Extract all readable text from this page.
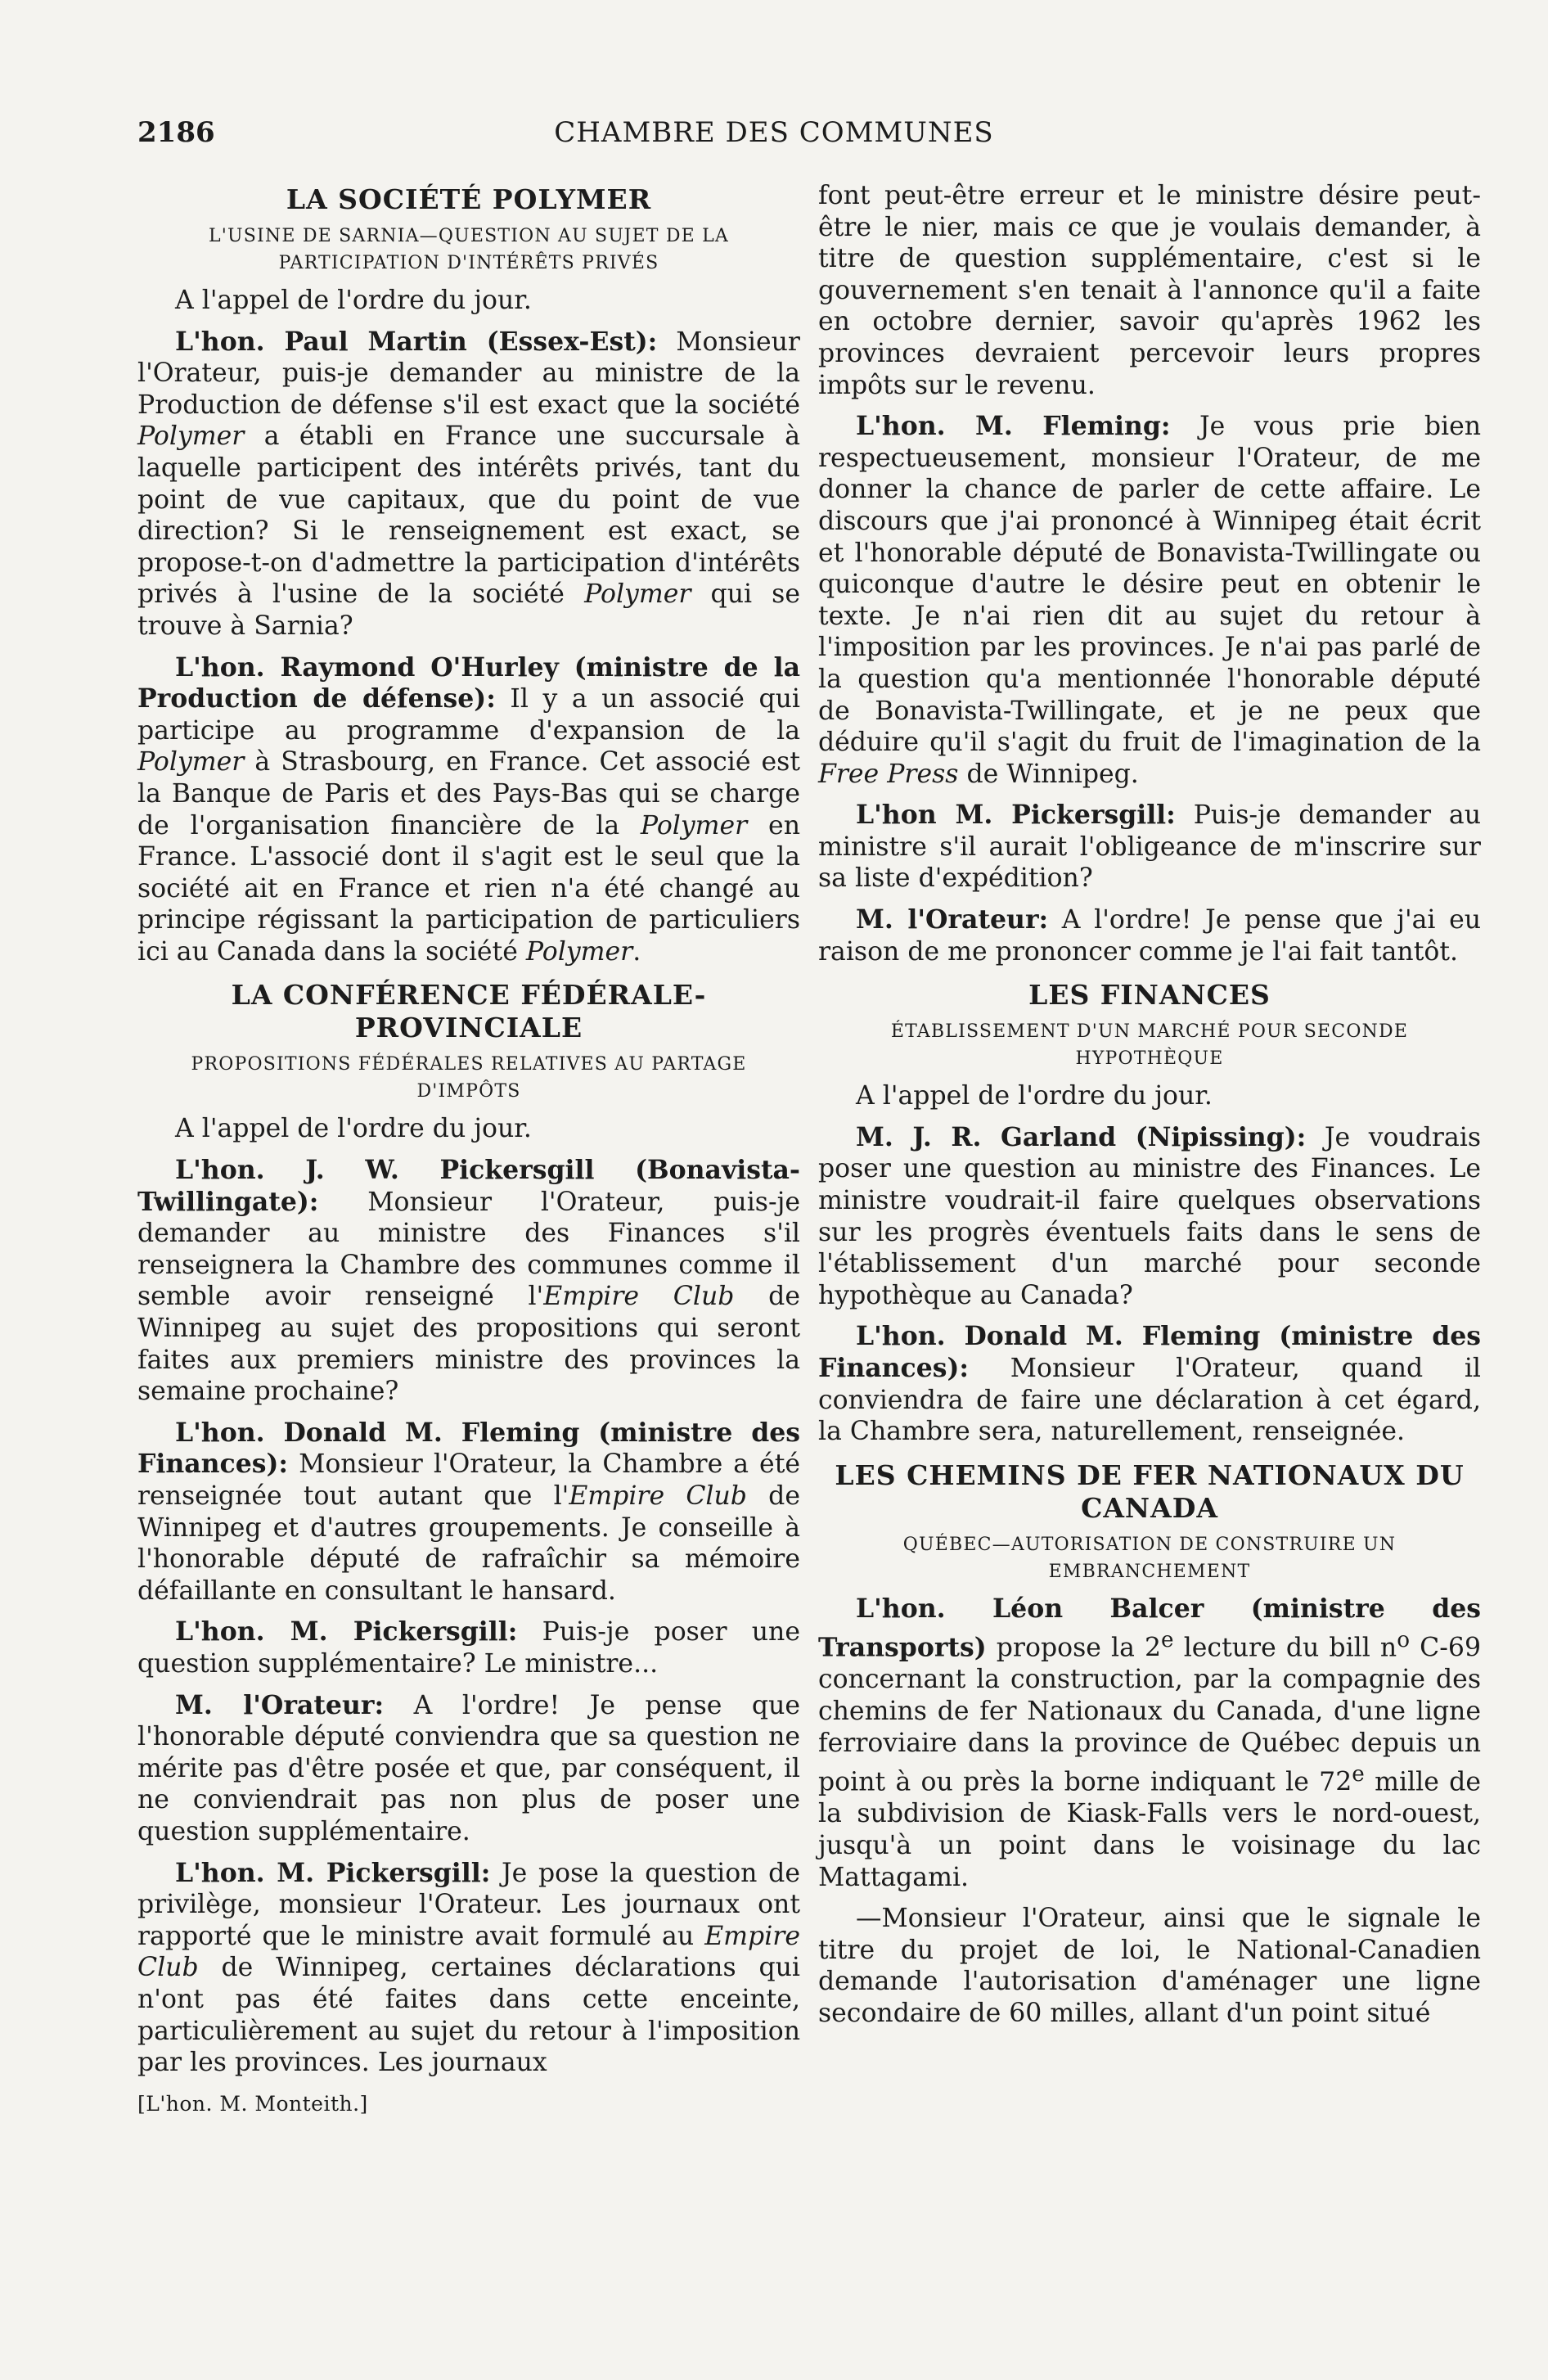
2186	CHAMBRE DES COMMUNES
LA SOCIÉTÉ POLYMER
L'USINE DE SARNIA—QUESTION AU SUJET DE LA PARTICIPATION D'INTÉRÊTS PRIVÉS

A l'appel de l'ordre du jour.

L'hon. Paul Martin (Essex-Est): Monsieur l'Orateur, puis-je demander au ministre de la Production de défense s'il est exact que la société Polymer a établi en France une succursale à laquelle participent des intérêts privés, tant du point de vue capitaux, que du point de vue direction? Si le renseignement est exact, se propose-t-on d'admettre la participation d'intérêts privés à l'usine de la société Polymer qui se trouve à Sarnia?

L'hon. Raymond O'Hurley (ministre de la Production de défense): Il y a un associé qui participe au programme d'expansion de la Polymer à Strasbourg, en France. Cet associé est la Banque de Paris et des Pays-Bas qui se charge de l'organisation financière de la Polymer en France. L'associé dont il s'agit est le seul que la société ait en France et rien n'a été changé au principe régissant la participation de particuliers ici au Canada dans la société Polymer.

LA CONFÉRENCE FÉDÉRALE-PROVINCIALE
PROPOSITIONS FÉDÉRALES RELATIVES AU PARTAGE D'IMPÔTS

A l'appel de l'ordre du jour.

L'hon. J. W. Pickersgill (Bonavista-Twillingate): Monsieur l'Orateur, puis-je demander au ministre des Finances s'il renseignera la Chambre des communes comme il semble avoir renseigné l'Empire Club de Winnipeg au sujet des propositions qui seront faites aux premiers ministre des provinces la semaine prochaine?

L'hon. Donald M. Fleming (ministre des Finances): Monsieur l'Orateur, la Chambre a été renseignée tout autant que l'Empire Club de Winnipeg et d'autres groupements. Je conseille à l'honorable député de rafraîchir sa mémoire défaillante en consultant le hansard.

L'hon. M. Pickersgill: Puis-je poser une question supplémentaire? Le ministre...

M. l'Orateur: A l'ordre! Je pense que l'honorable député conviendra que sa question ne mérite pas d'être posée et que, par conséquent, il ne conviendrait pas non plus de poser une question supplémentaire.

L'hon. M. Pickersgill: Je pose la question de privilège, monsieur l'Orateur. Les journaux ont rapporté que le ministre avait formulé au Empire Club de Winnipeg, certaines déclarations qui n'ont pas été faites dans cette enceinte, particulièrement au sujet du retour à l'imposition par les provinces. Les journaux

[L'hon. M. Monteith.]

font peut-être erreur et le ministre désire peut-être le nier, mais ce que je voulais demander, à titre de question supplémentaire, c'est si le gouvernement s'en tenait à l'annonce qu'il a faite en octobre dernier, savoir qu'après 1962 les provinces devraient percevoir leurs propres impôts sur le revenu.

L'hon. M. Fleming: Je vous prie bien respectueusement, monsieur l'Orateur, de me donner la chance de parler de cette affaire. Le discours que j'ai prononcé à Winnipeg était écrit et l'honorable député de Bonavista-Twillingate ou quiconque d'autre le désire peut en obtenir le texte. Je n'ai rien dit au sujet du retour à l'imposition par les provinces. Je n'ai pas parlé de la question qu'a mentionnée l'honorable député de Bonavista-Twillingate, et je ne peux que déduire qu'il s'agit du fruit de l'imagination de la Free Press de Winnipeg.

L'hon M. Pickersgill: Puis-je demander au ministre s'il aurait l'obligeance de m'inscrire sur sa liste d'expédition?

M. l'Orateur: A l'ordre! Je pense que j'ai eu raison de me prononcer comme je l'ai fait tantôt.

LES FINANCES
ÉTABLISSEMENT D'UN MARCHÉ POUR SECONDE HYPOTHÈQUE

A l'appel de l'ordre du jour.

M. J. R. Garland (Nipissing): Je voudrais poser une question au ministre des Finances. Le ministre voudrait-il faire quelques observations sur les progrès éventuels faits dans le sens de l'établissement d'un marché pour seconde hypothèque au Canada?

L'hon. Donald M. Fleming (ministre des Finances): Monsieur l'Orateur, quand il conviendra de faire une déclaration à cet égard, la Chambre sera, naturellement, renseignée.

LES CHEMINS DE FER NATIONAUX DU CANADA
QUÉBEC—AUTORISATION DE CONSTRUIRE UN EMBRANCHEMENT

L'hon. Léon Balcer (ministre des Transports) propose la 2e lecture du bill $n^o$ C-69 concernant la construction, par la compagnie des chemins de fer Nationaux du Canada, d'une ligne ferroviaire dans la province de Québec depuis un point à ou près la borne indiquant le 72e mille de la subdivision de Kiask-Falls vers le nord-ouest, jusqu'à un point dans le voisinage du lac Mattagami.

—Monsieur l'Orateur, ainsi que le signale le titre du projet de loi, le National-Canadien demande l'autorisation d'aménager une ligne secondaire de 60 milles, allant d'un point situé
